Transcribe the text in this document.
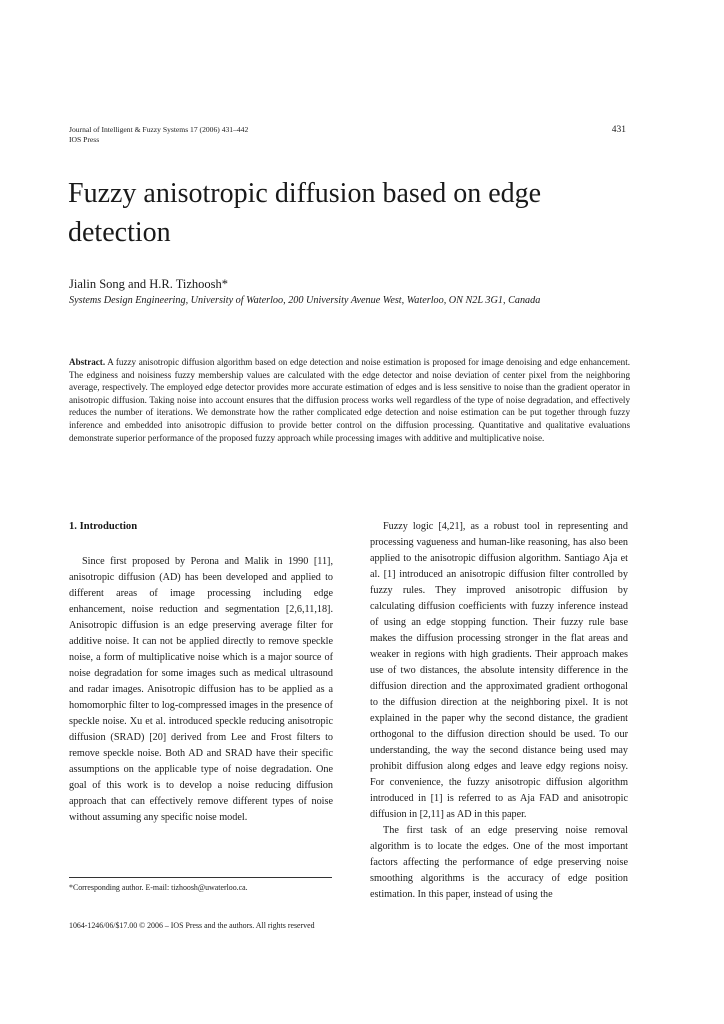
Journal of Intelligent & Fuzzy Systems 17 (2006) 431–442
IOS Press
431
Fuzzy anisotropic diffusion based on edge detection
Jialin Song and H.R. Tizhoosh*
Systems Design Engineering, University of Waterloo, 200 University Avenue West, Waterloo, ON N2L 3G1, Canada
Abstract. A fuzzy anisotropic diffusion algorithm based on edge detection and noise estimation is proposed for image denoising and edge enhancement. The edginess and noisiness fuzzy membership values are calculated with the edge detector and noise deviation of center pixel from the neighboring average, respectively. The employed edge detector provides more accurate estimation of edges and is less sensitive to noise than the gradient operator in anisotropic diffusion. Taking noise into account ensures that the diffusion process works well regardless of the type of noise degradation, and effectively reduces the number of iterations. We demonstrate how the rather complicated edge detection and noise estimation can be put together through fuzzy inference and embedded into anisotropic diffusion to provide better control on the diffusion processing. Quantitative and qualitative evaluations demonstrate superior performance of the proposed fuzzy approach while processing images with additive and multiplicative noise.
1. Introduction

Since first proposed by Perona and Malik in 1990 [11], anisotropic diffusion (AD) has been developed and applied to different areas of image processing including edge enhancement, noise reduction and segmentation [2,6,11,18]. Anisotropic diffusion is an edge preserving average filter for additive noise. It can not be applied directly to remove speckle noise, a form of multiplicative noise which is a major source of noise degradation for some images such as medical ultrasound and radar images. Anisotropic diffusion has to be applied as a homomorphic filter to log-compressed images in the presence of speckle noise. Xu et al. introduced speckle reducing anisotropic diffusion (SRAD) [20] derived from Lee and Frost filters to remove speckle noise. Both AD and SRAD have their specific assumptions on the applicable type of noise degradation. One goal of this work is to develop a noise reducing diffusion approach that can effectively remove different types of noise without assuming any specific noise model.

Fuzzy logic [4,21], as a robust tool in representing and processing vagueness and human-like reasoning, has also been applied to the anisotropic diffusion algorithm. Santiago Aja et al. [1] introduced an anisotropic diffusion filter controlled by fuzzy rules. They improved anisotropic diffusion by calculating diffusion coefficients with fuzzy inference instead of using an edge stopping function. Their fuzzy rule base makes the diffusion processing stronger in the flat areas and weaker in regions with high gradients. Their approach makes use of two distances, the absolute intensity difference in the diffusion direction and the approximated gradient orthogonal to the diffusion direction at the neighboring pixel. It is not explained in the paper why the second distance, the gradient orthogonal to the diffusion direction should be used. To our understanding, the way the second distance being used may prohibit diffusion along edges and leave edgy regions noisy. For convenience, the fuzzy anisotropic diffusion algorithm introduced in [1] is referred to as Aja FAD and anisotropic diffusion in [2,11] as AD in this paper.

The first task of an edge preserving noise removal algorithm is to locate the edges. One of the most important factors affecting the performance of edge preserving noise smoothing algorithms is the accuracy of edge position estimation. In this paper, instead of using the

*Corresponding author. E-mail: tizhoosh@uwaterloo.ca.
1064-1246/06/$17.00 © 2006 – IOS Press and the authors. All rights reserved
